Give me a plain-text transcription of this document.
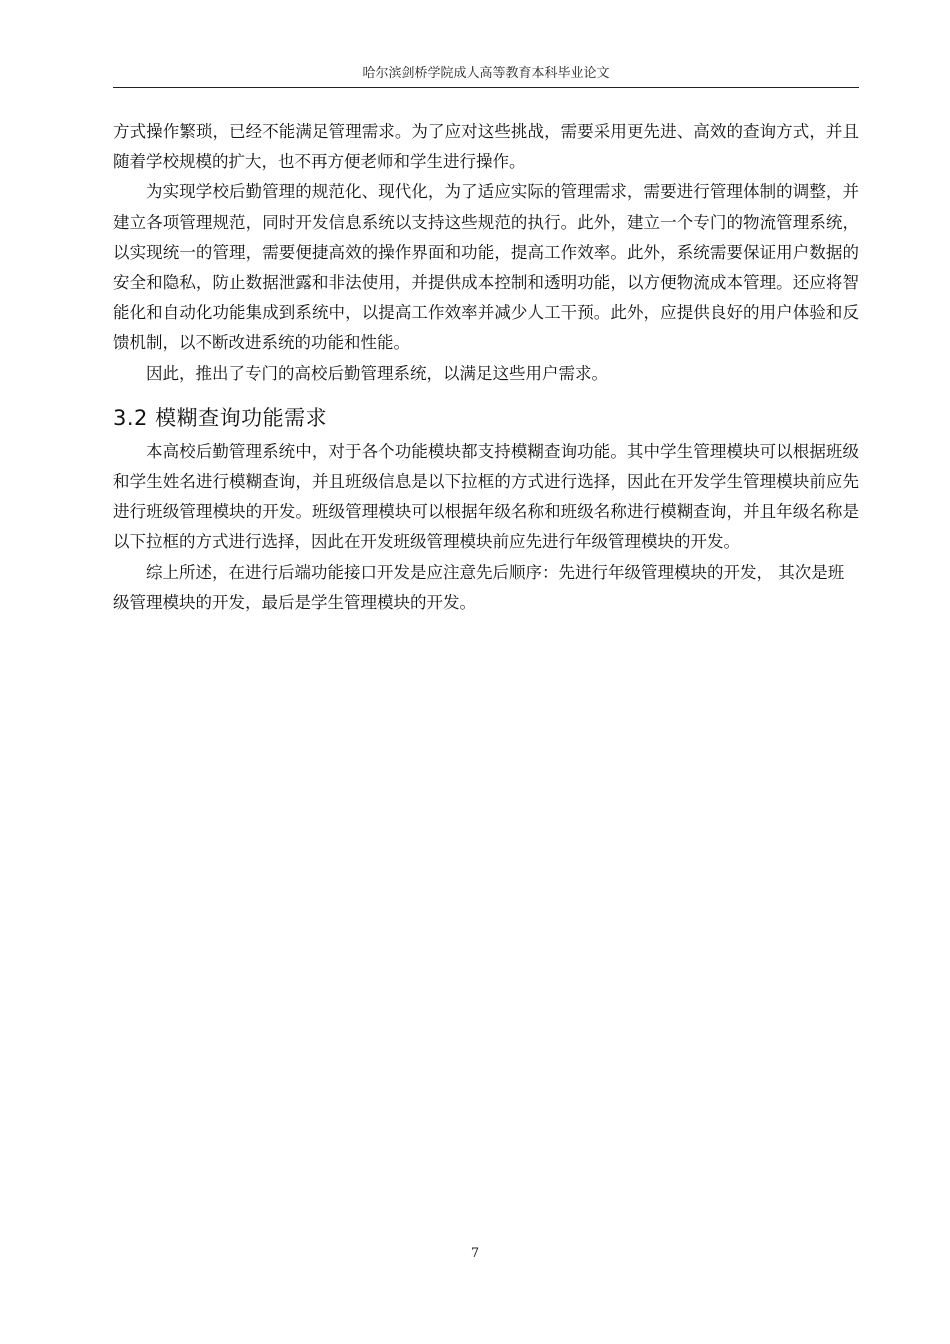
哈尔滨剑桥学院成人高等教育本科毕业论文

方式操作繁琐，已经不能满足管理需求。为了应对这些挑战，需要采用更先进、高效的查询方式，并且随着学校规模的扩大，也不再方便老师和学生进行操作。

为实现学校后勤管理的规范化、现代化，为了适应实际的管理需求，需要进行管理体制的调整，并建立各项管理规范，同时开发信息系统以支持这些规范的执行。此外，建立一个专门的物流管理系统，以实现统一的管理，需要便捷高效的操作界面和功能，提高工作效率。此外，系统需要保证用户数据的安全和隐私，防止数据泄露和非法使用，并提供成本控制和透明功能，以方便物流成本管理。还应将智能化和自动化功能集成到系统中，以提高工作效率并减少人工干预。此外，应提供良好的用户体验和反馈机制，以不断改进系统的功能和性能。

因此，推出了专门的高校后勤管理系统，以满足这些用户需求。

3.2 模糊查询功能需求

本高校后勤管理系统中，对于各个功能模块都支持模糊查询功能。其中学生管理模块可以根据班级和学生姓名进行模糊查询，并且班级信息是以下拉框的方式进行选择，因此在开发学生管理模块前应先进行班级管理模块的开发。班级管理模块可以根据年级名称和班级名称进行模糊查询，并且年级名称是以下拉框的方式进行选择，因此在开发班级管理模块前应先进行年级管理模块的开发。

综上所述，在进行后端功能接口开发是应注意先后顺序：先进行年级管理模块的开发， 其次是班级管理模块的开发，最后是学生管理模块的开发。

7
